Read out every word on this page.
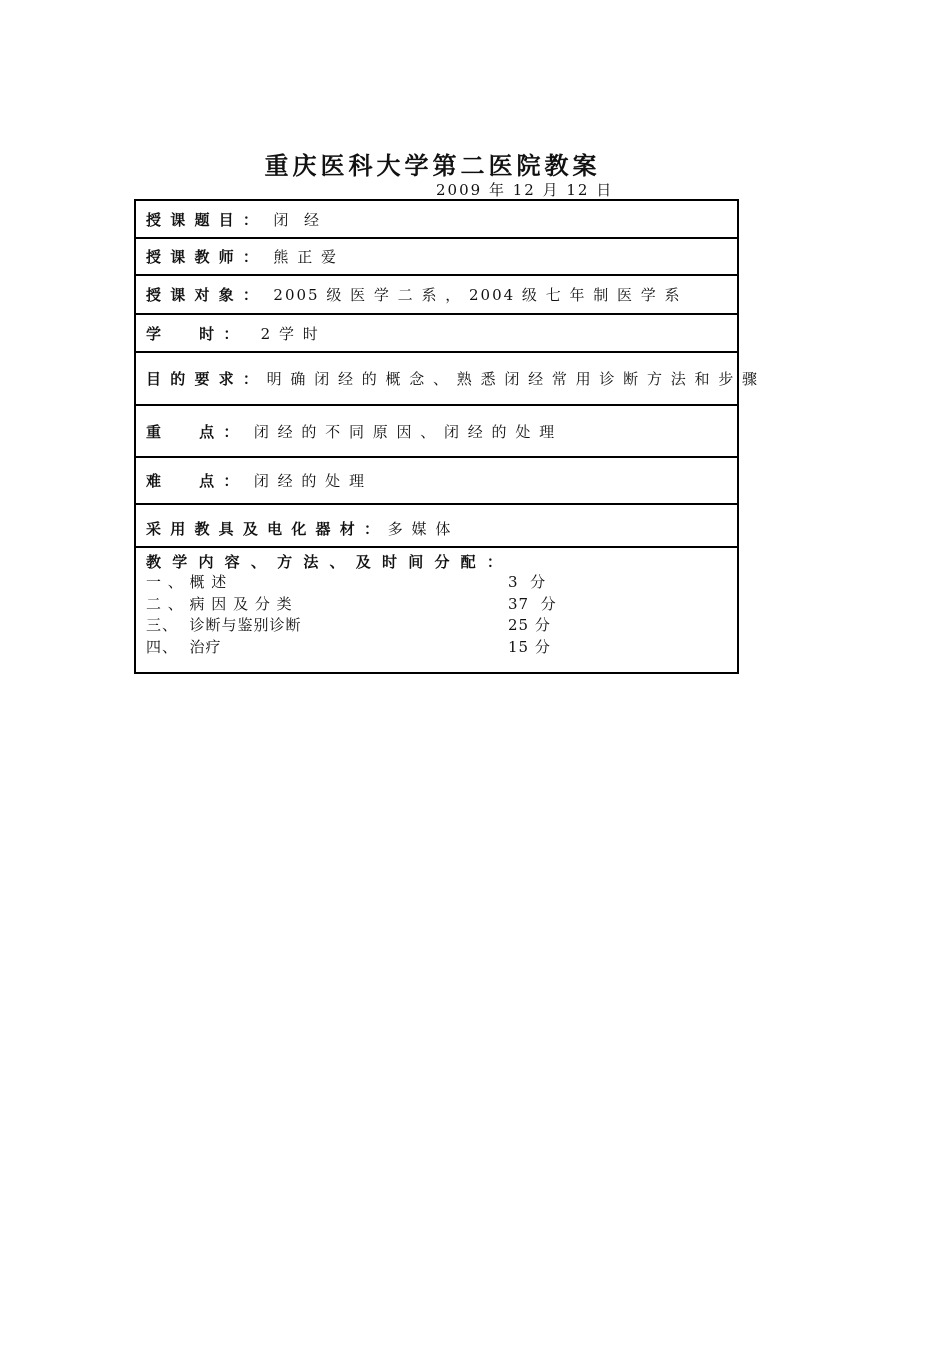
重庆医科大学第二医院教案
2009 年 12 月 12 日
授 课 题 目 ： 闭  经
授 课 教 师 ： 熊 正 爱
授 课 对 象 ： 2005 级 医 学 二 系 ， 2004 级 七 年 制 医 学 系
学     时 ： 2 学 时
目 的 要 求 ： 明 确 闭 经 的 概 念 、 熟 悉 闭 经 常 用 诊 断 方 法 和 步 骤
重     点 ： 闭 经 的 不 同 原 因 、 闭 经 的 处 理
难     点 ： 闭 经 的 处 理
采 用 教 具 及 电 化 器 材 ： 多 媒 体
教 学 内 容 、 方 法 、 及 时 间 分 配 ：
一 、 概 述	3  分
二 、 病 因 及 分 类	37  分
三、  诊断与鉴别诊断	25 分
四、  治疗	15 分
